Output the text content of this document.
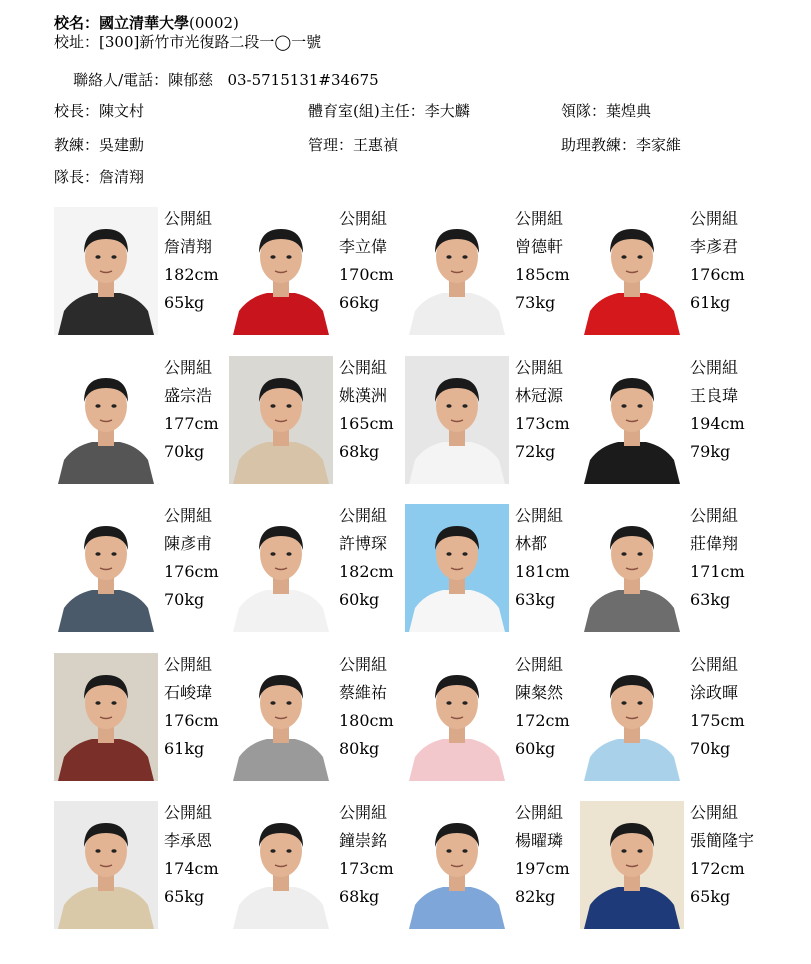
校名：國立清華大學(0002)
校址：[300]新竹市光復路二段一◯一號

聯絡人/電話：陳郁慈   03-5715131#34675

校長：陳文村	體育室(組)主任：李大麟	領隊：葉煌典
教練：吳建勳	管理：王惠禎	助理教練：李家維
隊長：詹清翔
公開組
詹清翔
182cm
65kg
公開組
李立偉
170cm
66kg
公開組
曾德軒
185cm
73kg
公開組
李彥君
176cm
61kg
公開組
盛宗浩
177cm
70kg
公開組
姚漢洲
165cm
68kg
公開組
林冠源
173cm
72kg
公開組
王良瑋
194cm
79kg
公開組
陳彥甫
176cm
70kg
公開組
許博琛
182cm
60kg
公開組
林都
181cm
63kg
公開組
莊偉翔
171cm
63kg
公開組
石峻瑋
176cm
61kg
公開組
蔡維祐
180cm
80kg
公開組
陳粲然
172cm
60kg
公開組
涂政暉
175cm
70kg
公開組
李承恩
174cm
65kg
公開組
鐘崇銘
173cm
68kg
公開組
楊曜璘
197cm
82kg
公開組
張簡隆宇
172cm
65kg
